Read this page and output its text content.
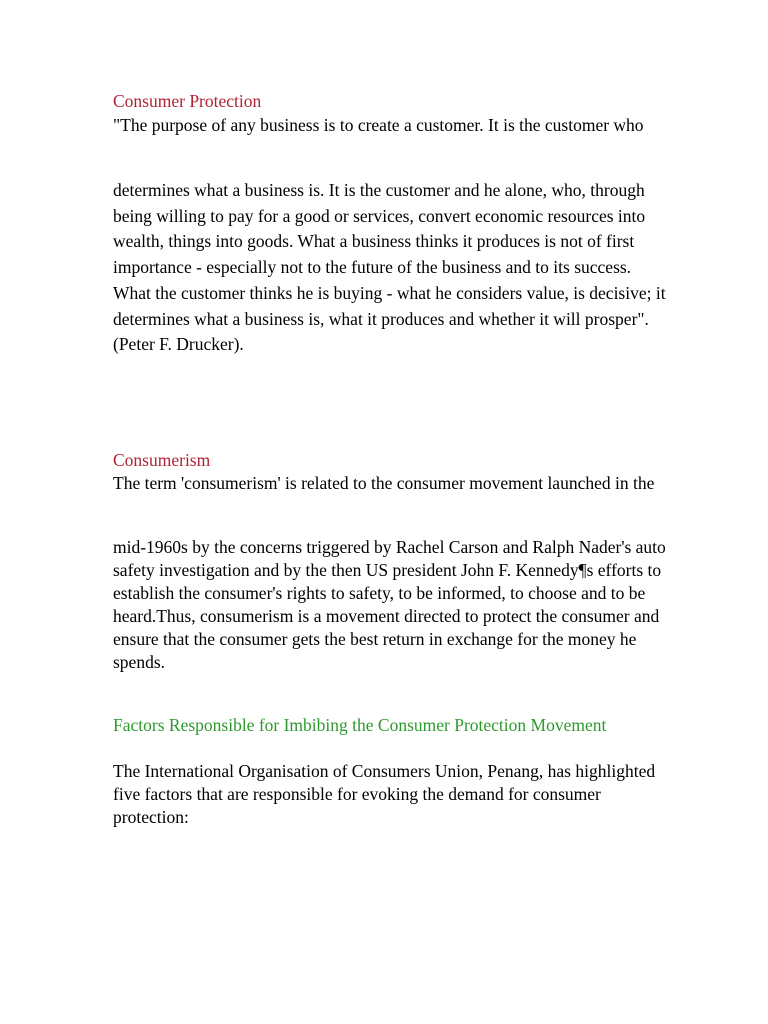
Consumer Protection
"The purpose of any business is to create a customer. It is the customer who
determines what a business is. It is the customer and he alone, who, through being willing to pay for a good or services, convert economic resources into wealth, things into goods. What a business thinks it produces is not of first importance - especially not to the future of the business and to its success. What the customer thinks he is buying - what he considers value, is decisive; it determines what a business is, what it produces and whether it will prosper". (Peter F. Drucker).
Consumerism
The term 'consumerism' is related to the consumer movement launched in the
mid-1960s by the concerns triggered by Rachel Carson and Ralph Nader's auto safety investigation and by the then US president John F. Kennedy¶s efforts to establish the consumer's rights to safety, to be informed, to choose and to be heard.Thus, consumerism is a movement directed to protect the consumer and ensure that the consumer gets the best return in exchange for the money he spends.
Factors Responsible for Imbibing the Consumer Protection Movement
The International Organisation of Consumers Union, Penang, has highlighted
five factors that are responsible for evoking the demand for consumer protection:
